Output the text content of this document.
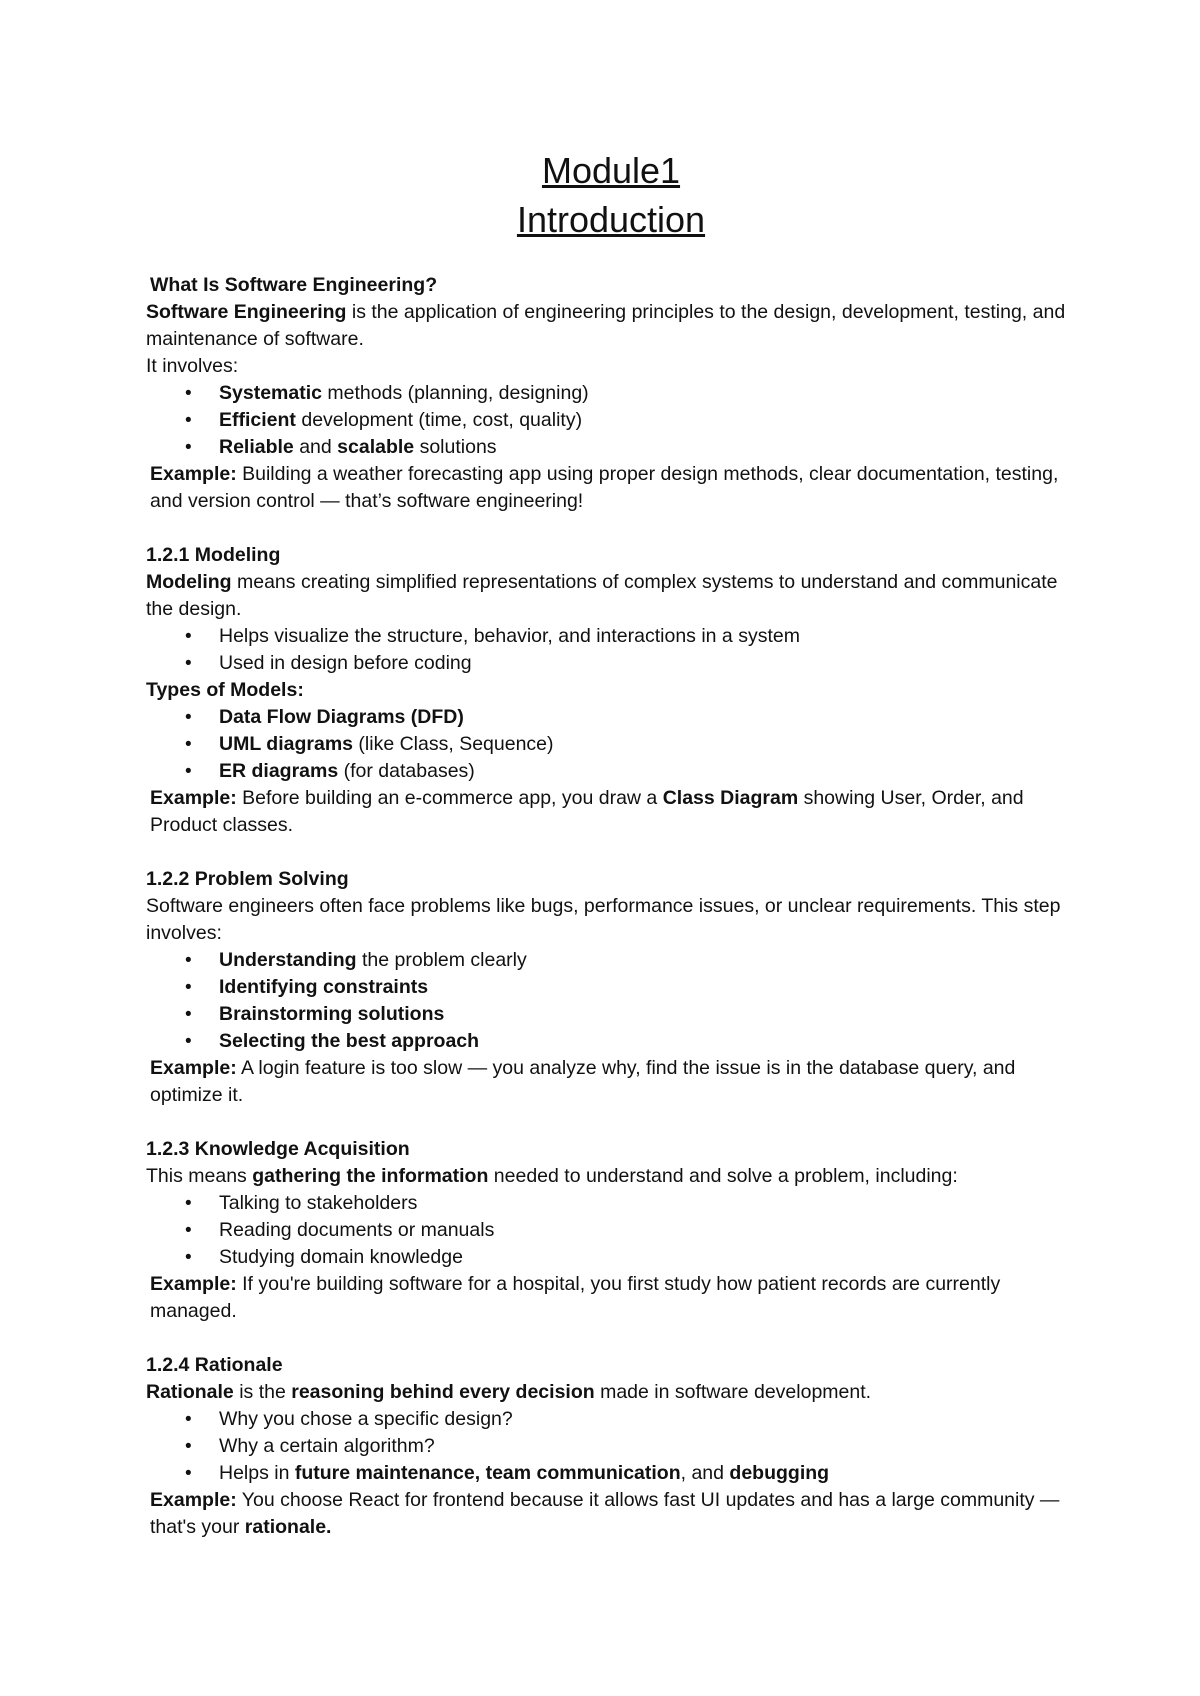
Module1
Introduction

What Is Software Engineering?

Software Engineering is the application of engineering principles to the design, development, testing, and maintenance of software.

It involves:

• Systematic methods (planning, designing)
• Efficient development (time, cost, quality)
• Reliable and scalable solutions

Example: Building a weather forecasting app using proper design methods, clear documentation, testing, and version control — that’s software engineering!

1.2.1 Modeling

Modeling means creating simplified representations of complex systems to understand and communicate the design.

• Helps visualize the structure, behavior, and interactions in a system
• Used in design before coding

Types of Models:

• Data Flow Diagrams (DFD)
• UML diagrams (like Class, Sequence)
• ER diagrams (for databases)

Example: Before building an e-commerce app, you draw a Class Diagram showing User, Order, and Product classes.

1.2.2 Problem Solving

Software engineers often face problems like bugs, performance issues, or unclear requirements. This step involves:

• Understanding the problem clearly
• Identifying constraints
• Brainstorming solutions
• Selecting the best approach

Example: A login feature is too slow — you analyze why, find the issue is in the database query, and optimize it.

1.2.3 Knowledge Acquisition

This means gathering the information needed to understand and solve a problem, including:

• Talking to stakeholders
• Reading documents or manuals
• Studying domain knowledge

Example: If you're building software for a hospital, you first study how patient records are currently managed.

1.2.4 Rationale

Rationale is the reasoning behind every decision made in software development.

• Why you chose a specific design?
• Why a certain algorithm?
• Helps in future maintenance, team communication, and debugging

Example: You choose React for frontend because it allows fast UI updates and has a large community — that's your rationale.
